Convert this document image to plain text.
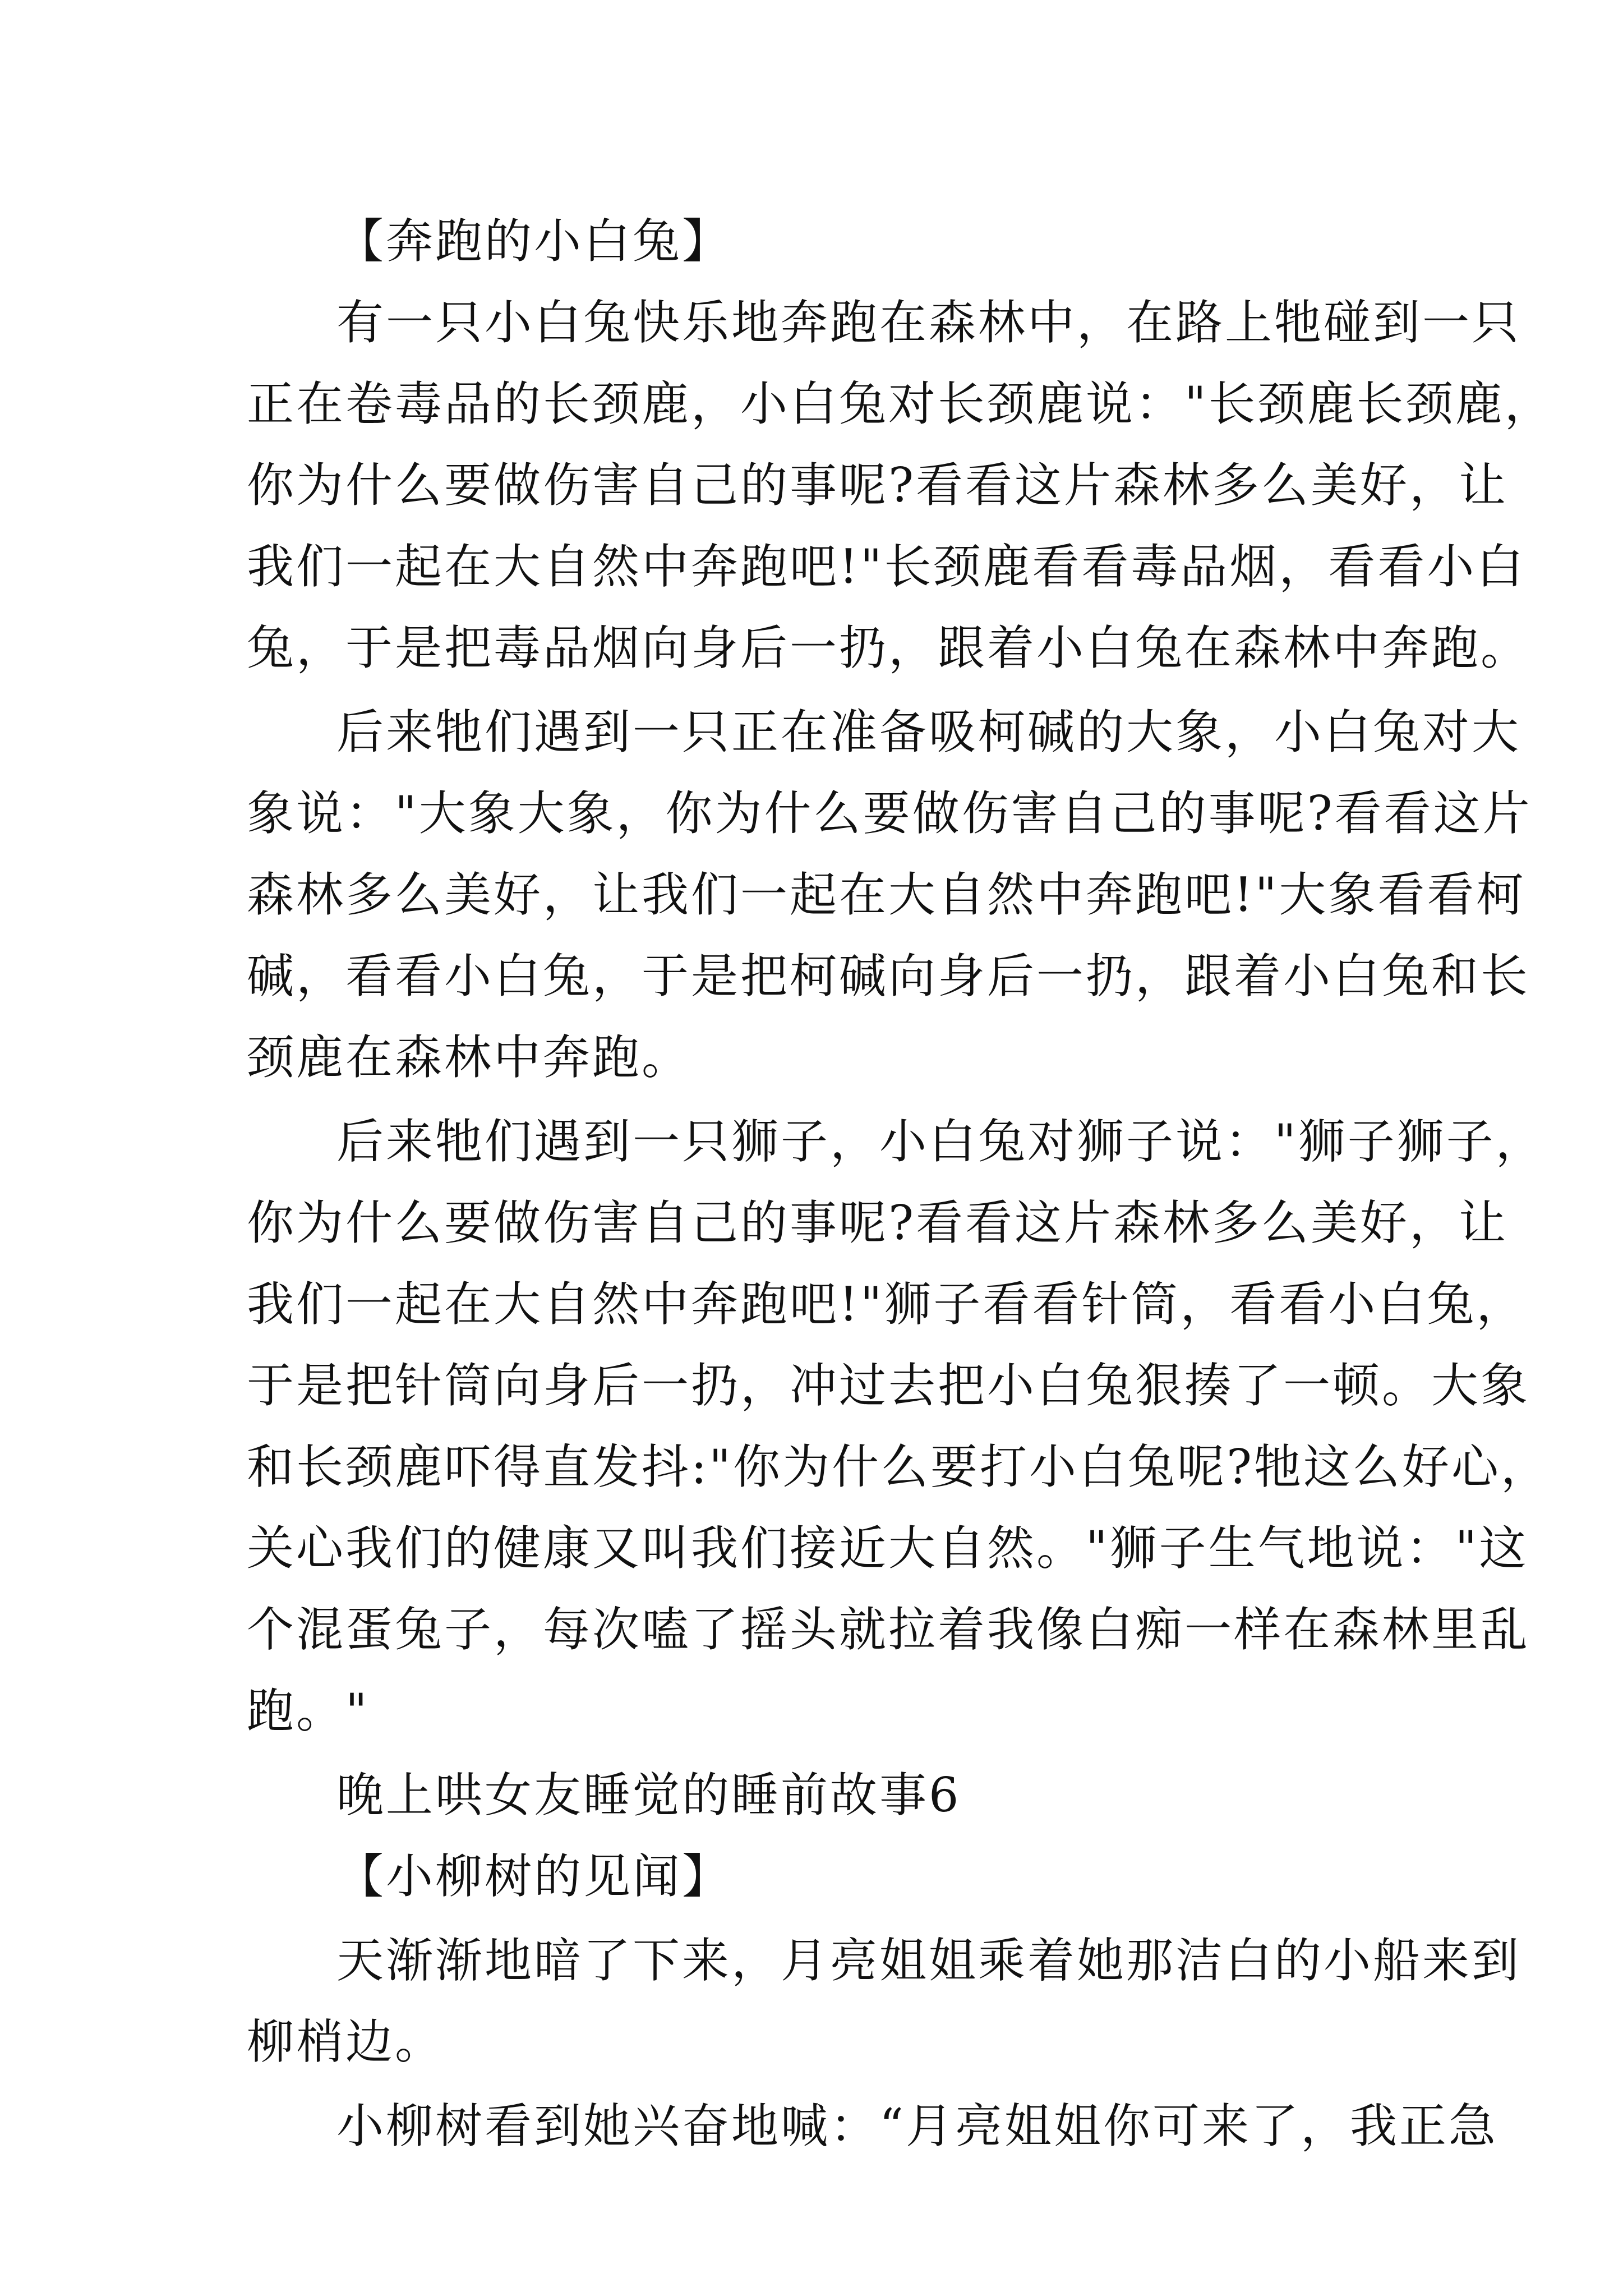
【奔跑的小白兔】
有一只小白兔快乐地奔跑在森林中，在路上牠碰到一只
正在卷毒品的长颈鹿，小白兔对长颈鹿说："长颈鹿长颈鹿，
你为什么要做伤害自己的事呢?看看这片森林多么美好，让
我们一起在大自然中奔跑吧!"长颈鹿看看毒品烟，看看小白
兔，于是把毒品烟向身后一扔，跟着小白兔在森林中奔跑。
后来牠们遇到一只正在准备吸柯碱的大象，小白兔对大
象说："大象大象，你为什么要做伤害自己的事呢?看看这片
森林多么美好，让我们一起在大自然中奔跑吧!"大象看看柯
碱，看看小白兔，于是把柯碱向身后一扔，跟着小白兔和长
颈鹿在森林中奔跑。
后来牠们遇到一只狮子，小白兔对狮子说："狮子狮子，
你为什么要做伤害自己的事呢?看看这片森林多么美好，让
我们一起在大自然中奔跑吧!"狮子看看针筒，看看小白兔，
于是把针筒向身后一扔，冲过去把小白兔狠揍了一顿。大象
和长颈鹿吓得直发抖:"你为什么要打小白兔呢?牠这么好心，
关心我们的健康又叫我们接近大自然。"狮子生气地说："这
个混蛋兔子，每次嗑了摇头就拉着我像白痴一样在森林里乱
跑。"
晚上哄女友睡觉的睡前故事6
【小柳树的见闻】
天渐渐地暗了下来，月亮姐姐乘着她那洁白的小船来到
柳梢边。
小柳树看到她兴奋地喊：“月亮姐姐你可来了，我正急
